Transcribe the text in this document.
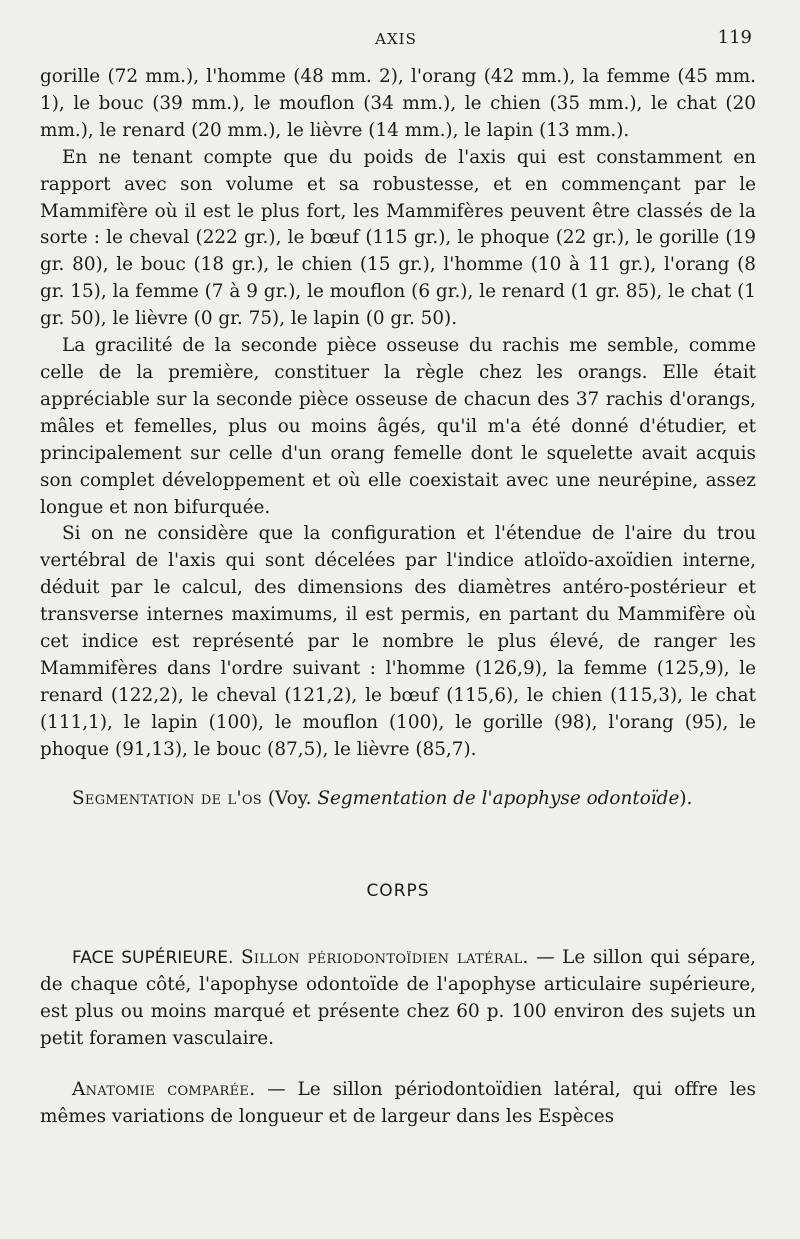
AXIS	119

gorille (72 mm.), l'homme (48 mm. 2), l'orang (42 mm.), la femme (45 mm. 1), le bouc (39 mm.), le mouflon (34 mm.), le chien (35 mm.), le chat (20 mm.), le renard (20 mm.), le lièvre (14 mm.), le lapin (13 mm.).

En ne tenant compte que du poids de l'axis qui est constamment en rapport avec son volume et sa robustesse, et en commençant par le Mammifère où il est le plus fort, les Mammifères peuvent être classés de la sorte : le cheval (222 gr.), le bœuf (115 gr.), le phoque (22 gr.), le gorille (19 gr. 80), le bouc (18 gr.), le chien (15 gr.), l'homme (10 à 11 gr.), l'orang (8 gr. 15), la femme (7 à 9 gr.), le mouflon (6 gr.), le renard (1 gr. 85), le chat (1 gr. 50), le lièvre (0 gr. 75), le lapin (0 gr. 50).

La gracilité de la seconde pièce osseuse du rachis me semble, comme celle de la première, constituer la règle chez les orangs. Elle était appréciable sur la seconde pièce osseuse de chacun des 37 rachis d'orangs, mâles et femelles, plus ou moins âgés, qu'il m'a été donné d'étudier, et principalement sur celle d'un orang femelle dont le squelette avait acquis son complet développement et où elle coexistait avec une neurépine, assez longue et non bifurquée.

Si on ne considère que la configuration et l'étendue de l'aire du trou vertébral de l'axis qui sont décelées par l'indice atloïdo-axoïdien interne, déduit par le calcul, des dimensions des diamètres antéro-postérieur et transverse internes maximums, il est permis, en partant du Mammifère où cet indice est représenté par le nombre le plus élevé, de ranger les Mammifères dans l'ordre suivant : l'homme (126,9), la femme (125,9), le renard (122,2), le cheval (121,2), le bœuf (115,6), le chien (115,3), le chat (111,1), le lapin (100), le mouflon (100), le gorille (98), l'orang (95), le phoque (91,13), le bouc (87,5), le lièvre (85,7).

Segmentation de l'os (Voy. Segmentation de l'apophyse odontoïde).

CORPS

FACE SUPÉRIEURE. Sillon périodontoïdien latéral. — Le sillon qui sépare, de chaque côté, l'apophyse odontoïde de l'apophyse articulaire supérieure, est plus ou moins marqué et présente chez 60 p. 100 environ des sujets un petit foramen vasculaire.

Anatomie comparée. — Le sillon périodontoïdien latéral, qui offre les mêmes variations de longueur et de largeur dans les Espèces
